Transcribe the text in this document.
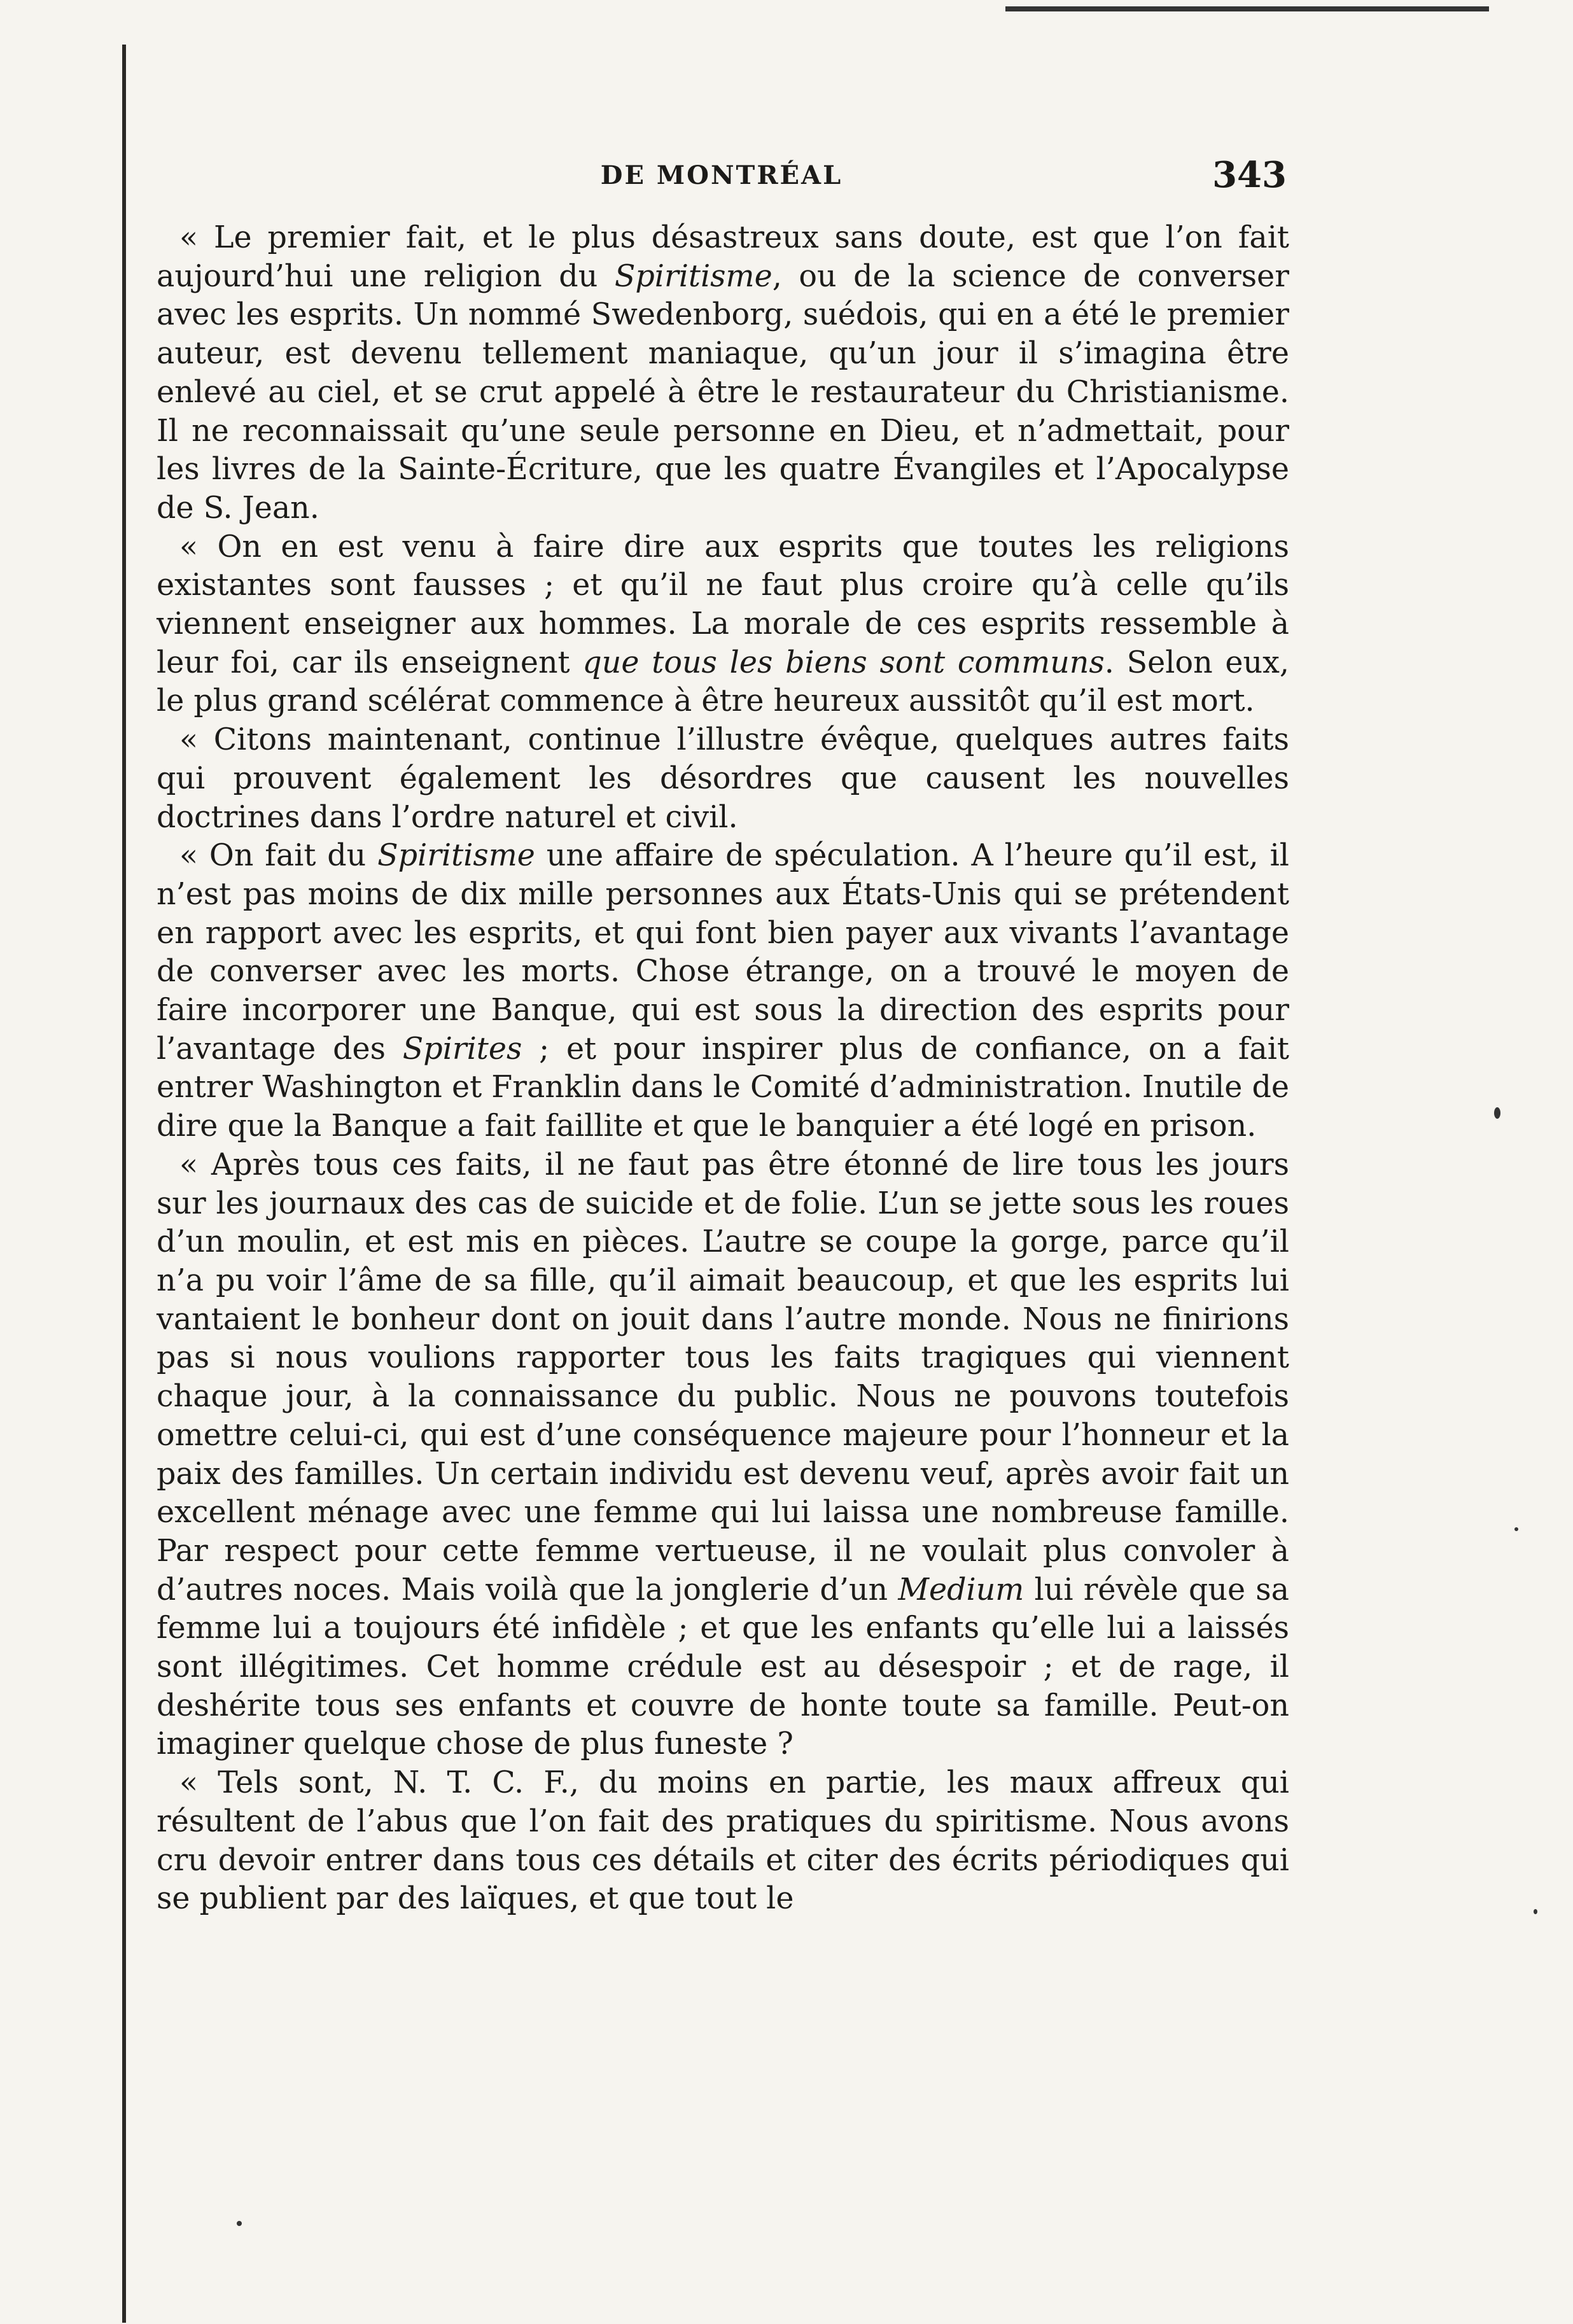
DE MONTRÉAL	343

« Le premier fait, et le plus désastreux sans doute, est que l’on fait aujourd’hui une religion du Spiritisme, ou de la science de converser avec les esprits. Un nommé Swedenborg, suédois, qui en a été le premier auteur, est devenu tellement maniaque, qu’un jour il s’imagina être enlevé au ciel, et se crut appelé à être le restaurateur du Christianisme. Il ne reconnaissait qu’une seule personne en Dieu, et n’admettait, pour les livres de la Sainte-Écriture, que les quatre Évangiles et l’Apocalypse de S. Jean.

« On en est venu à faire dire aux esprits que toutes les religions existantes sont fausses ; et qu’il ne faut plus croire qu’à celle qu’ils viennent enseigner aux hommes. La morale de ces esprits ressemble à leur foi, car ils enseignent que tous les biens sont communs. Selon eux, le plus grand scélérat commence à être heureux aussitôt qu’il est mort.

« Citons maintenant, continue l’illustre évêque, quelques autres faits qui prouvent également les désordres que causent les nouvelles doctrines dans l’ordre naturel et civil.

« On fait du Spiritisme une affaire de spéculation. A l’heure qu’il est, il n’est pas moins de dix mille personnes aux États-Unis qui se prétendent en rapport avec les esprits, et qui font bien payer aux vivants l’avantage de converser avec les morts. Chose étrange, on a trouvé le moyen de faire incorporer une Banque, qui est sous la direction des esprits pour l’avantage des Spirites ; et pour inspirer plus de confiance, on a fait entrer Washington et Franklin dans le Comité d’administration. Inutile de dire que la Banque a fait faillite et que le banquier a été logé en prison.

« Après tous ces faits, il ne faut pas être étonné de lire tous les jours sur les journaux des cas de suicide et de folie. L’un se jette sous les roues d’un moulin, et est mis en pièces. L’autre se coupe la gorge, parce qu’il n’a pu voir l’âme de sa fille, qu’il aimait beaucoup, et que les esprits lui vantaient le bonheur dont on jouit dans l’autre monde. Nous ne finirions pas si nous voulions rapporter tous les faits tragiques qui viennent chaque jour, à la connaissance du public. Nous ne pouvons toutefois omettre celui-ci, qui est d’une conséquence majeure pour l’honneur et la paix des familles. Un certain individu est devenu veuf, après avoir fait un excellent ménage avec une femme qui lui laissa une nombreuse famille. Par respect pour cette femme vertueuse, il ne voulait plus convoler à d’autres noces. Mais voilà que la jonglerie d’un Medium lui révèle que sa femme lui a toujours été infidèle ; et que les enfants qu’elle lui a laissés sont illégitimes. Cet homme crédule est au désespoir ; et de rage, il deshérite tous ses enfants et couvre de honte toute sa famille. Peut-on imaginer quelque chose de plus funeste ?

« Tels sont, N. T. C. F., du moins en partie, les maux affreux qui résultent de l’abus que l’on fait des pratiques du spiritisme. Nous avons cru devoir entrer dans tous ces détails et citer des écrits périodiques qui se publient par des laïques, et que tout le
